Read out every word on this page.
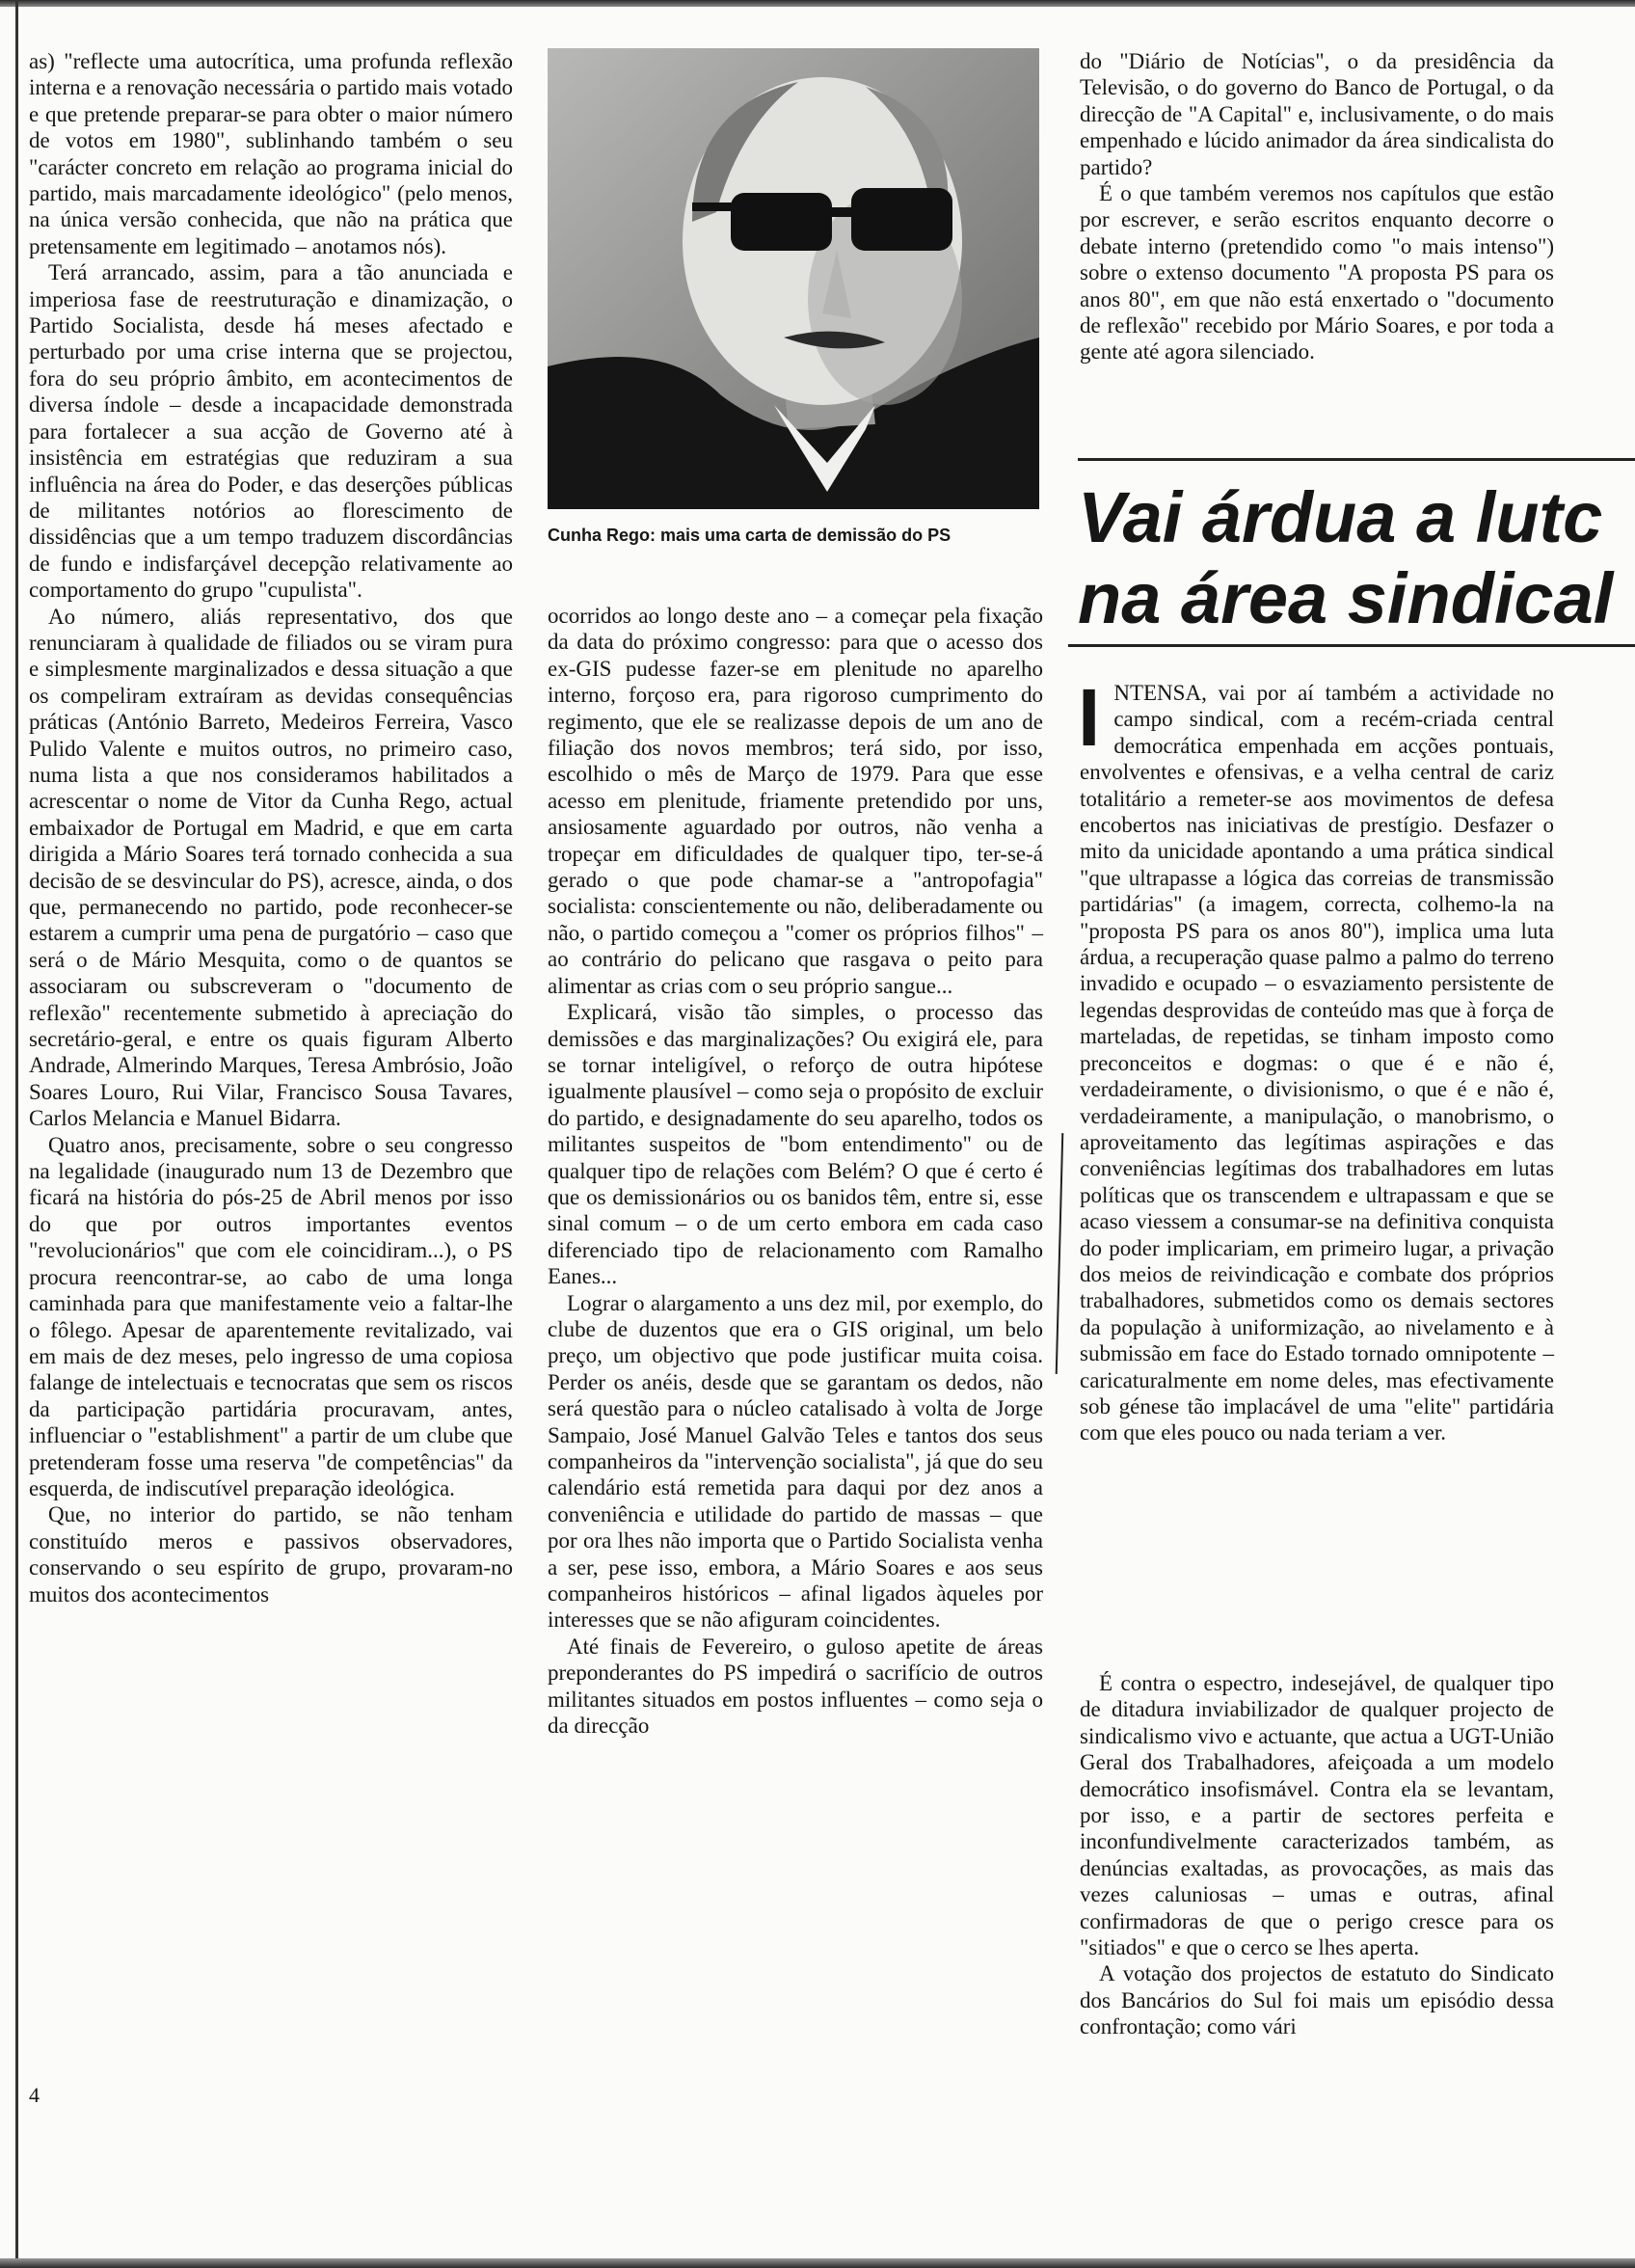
as) "reflecte uma autocrítica, uma profunda reflexão interna e a renovação necessária o partido mais votado e que pretende preparar-se para obter o maior número de votos em 1980", sublinhando também o seu "carácter concreto em relação ao programa inicial do partido, mais marcadamente ideológico" (pelo menos, na única versão conhecida, que não na prática que pretensamente em legitimado – anotamos nós).

Terá arrancado, assim, para a tão anunciada e imperiosa fase de reestruturação e dinamização, o Partido Socialista, desde há meses afectado e perturbado por uma crise interna que se projectou, fora do seu próprio âmbito, em acontecimentos de diversa índole – desde a incapacidade demonstrada para fortalecer a sua acção de Governo até à insistência em estratégias que reduziram a sua influência na área do Poder, e das deserções públicas de militantes notórios ao florescimento de dissidências que a um tempo traduzem discordâncias de fundo e indisfarçável decepção relativamente ao comportamento do grupo "cupulista".

Ao número, aliás representativo, dos que renunciaram à qualidade de filiados ou se viram pura e simplesmente marginalizados e dessa situação a que os compeliram extraíram as devidas consequências práticas (António Barreto, Medeiros Ferreira, Vasco Pulido Valente e muitos outros, no primeiro caso, numa lista a que nos consideramos habilitados a acrescentar o nome de Vitor da Cunha Rego, actual embaixador de Portugal em Madrid, e que em carta dirigida a Mário Soares terá tornado conhecida a sua decisão de se desvincular do PS), acresce, ainda, o dos que, permanecendo no partido, pode reconhecer-se estarem a cumprir uma pena de purgatório – caso que será o de Mário Mesquita, como o de quantos se associaram ou subscreveram o "documento de reflexão" recentemente submetido à apreciação do secretário-geral, e entre os quais figuram Alberto Andrade, Almerindo Marques, Teresa Ambrósio, João Soares Louro, Rui Vilar, Francisco Sousa Tavares, Carlos Melancia e Manuel Bidarra.

Quatro anos, precisamente, sobre o seu congresso na legalidade (inaugurado num 13 de Dezembro que ficará na história do pós-25 de Abril menos por isso do que por outros importantes eventos "revolucionários" que com ele coincidiram...), o PS procura reencontrar-se, ao cabo de uma longa caminhada para que manifestamente veio a faltar-lhe o fôlego. Apesar de aparentemente revitalizado, vai em mais de dez meses, pelo ingresso de uma copiosa falange de intelectuais e tecnocratas que sem os riscos da participação partidária procuravam, antes, influenciar o "establishment" a partir de um clube que pretenderam fosse uma reserva "de competências" da esquerda, de indiscutível preparação ideológica.

Que, no interior do partido, se não tenham constituído meros e passivos observadores, conservando o seu espírito de grupo, provaram-no muitos dos acontecimentos

Cunha Rego: mais uma carta de demissão do PS

ocorridos ao longo deste ano – a começar pela fixação da data do próximo congresso: para que o acesso dos ex-GIS pudesse fazer-se em plenitude no aparelho interno, forçoso era, para rigoroso cumprimento do regimento, que ele se realizasse depois de um ano de filiação dos novos membros; terá sido, por isso, escolhido o mês de Março de 1979. Para que esse acesso em plenitude, friamente pretendido por uns, ansiosamente aguardado por outros, não venha a tropeçar em dificuldades de qualquer tipo, ter-se-á gerado o que pode chamar-se a "antropofagia" socialista: conscientemente ou não, deliberadamente ou não, o partido começou a "comer os próprios filhos" – ao contrário do pelicano que rasgava o peito para alimentar as crias com o seu próprio sangue...

Explicará, visão tão simples, o processo das demissões e das marginalizações? Ou exigirá ele, para se tornar inteligível, o reforço de outra hipótese igualmente plausível – como seja o propósito de excluir do partido, e designadamente do seu aparelho, todos os militantes suspeitos de "bom entendimento" ou de qualquer tipo de relações com Belém? O que é certo é que os demissionários ou os banidos têm, entre si, esse sinal comum – o de um certo embora em cada caso diferenciado tipo de relacionamento com Ramalho Eanes...

Lograr o alargamento a uns dez mil, por exemplo, do clube de duzentos que era o GIS original, um belo preço, um objectivo que pode justificar muita coisa. Perder os anéis, desde que se garantam os dedos, não será questão para o núcleo catalisado à volta de Jorge Sampaio, José Manuel Galvão Teles e tantos dos seus companheiros da "intervenção socialista", já que do seu calendário está remetida para daqui por dez anos a conveniência e utilidade do partido de massas – que por ora lhes não importa que o Partido Socialista venha a ser, pese isso, embora, a Mário Soares e aos seus companheiros históricos – afinal ligados àqueles por interesses que se não afiguram coincidentes.

Até finais de Fevereiro, o guloso apetite de áreas preponderantes do PS impedirá o sacrifício de outros militantes situados em postos influentes – como seja o da direcção

do "Diário de Notícias", o da presidência da Televisão, o do governo do Banco de Portugal, o da direcção de "A Capital" e, inclusivamente, o do mais empenhado e lúcido animador da área sindicalista do partido?

É o que também veremos nos capítulos que estão por escrever, e serão escritos enquanto decorre o debate interno (pretendido como "o mais intenso") sobre o extenso documento "A proposta PS para os anos 80", em que não está enxertado o "documento de reflexão" recebido por Mário Soares, e por toda a gente até agora silenciado.

Vai árdua a lutc
na área sindical
I NTENSA, vai por aí também a actividade no campo sindical, com a recém-criada central democrática empenhada em acções pontuais, envolventes e ofensivas, e a velha central de cariz totalitário a remeter-se aos movimentos de defesa encobertos nas iniciativas de prestígio. Desfazer o mito da unicidade apontando a uma prática sindical "que ultrapasse a lógica das correias de transmissão partidárias" (a imagem, correcta, colhemo-la na "proposta PS para os anos 80"), implica uma luta árdua, a recuperação quase palmo a palmo do terreno invadido e ocupado – o esvaziamento persistente de legendas desprovidas de conteúdo mas que à força de marteladas, de repetidas, se tinham imposto como preconceitos e dogmas: o que é e não é, verdadeiramente, o divisionismo, o que é e não é, verdadeiramente, a manipulação, o manobrismo, o aproveitamento das legítimas aspirações e das conveniências legítimas dos trabalhadores em lutas políticas que os transcendem e ultrapassam e que se acaso viessem a consumar-se na definitiva conquista do poder implicariam, em primeiro lugar, a privação dos meios de reivindicação e combate dos próprios trabalhadores, submetidos como os demais sectores da população à uniformização, ao nivelamento e à submissão em face do Estado tornado omnipotente – caricaturalmente em nome deles, mas efectivamente sob génese tão implacável de uma "elite" partidária com que eles pouco ou nada teriam a ver.

É contra o espectro, indesejável, de qualquer tipo de ditadura inviabilizador de qualquer projecto de sindicalismo vivo e actuante, que actua a UGT-União Geral dos Trabalhadores, afeiçoada a um modelo democrático insofismável. Contra ela se levantam, por isso, e a partir de sectores perfeita e inconfundivelmente caracterizados também, as denúncias exaltadas, as provocações, as mais das vezes caluniosas – umas e outras, afinal confirmadoras de que o perigo cresce para os "sitiados" e que o cerco se lhes aperta.

A votação dos projectos de estatuto do Sindicato dos Bancários do Sul foi mais um episódio dessa confrontação; como vári

4
